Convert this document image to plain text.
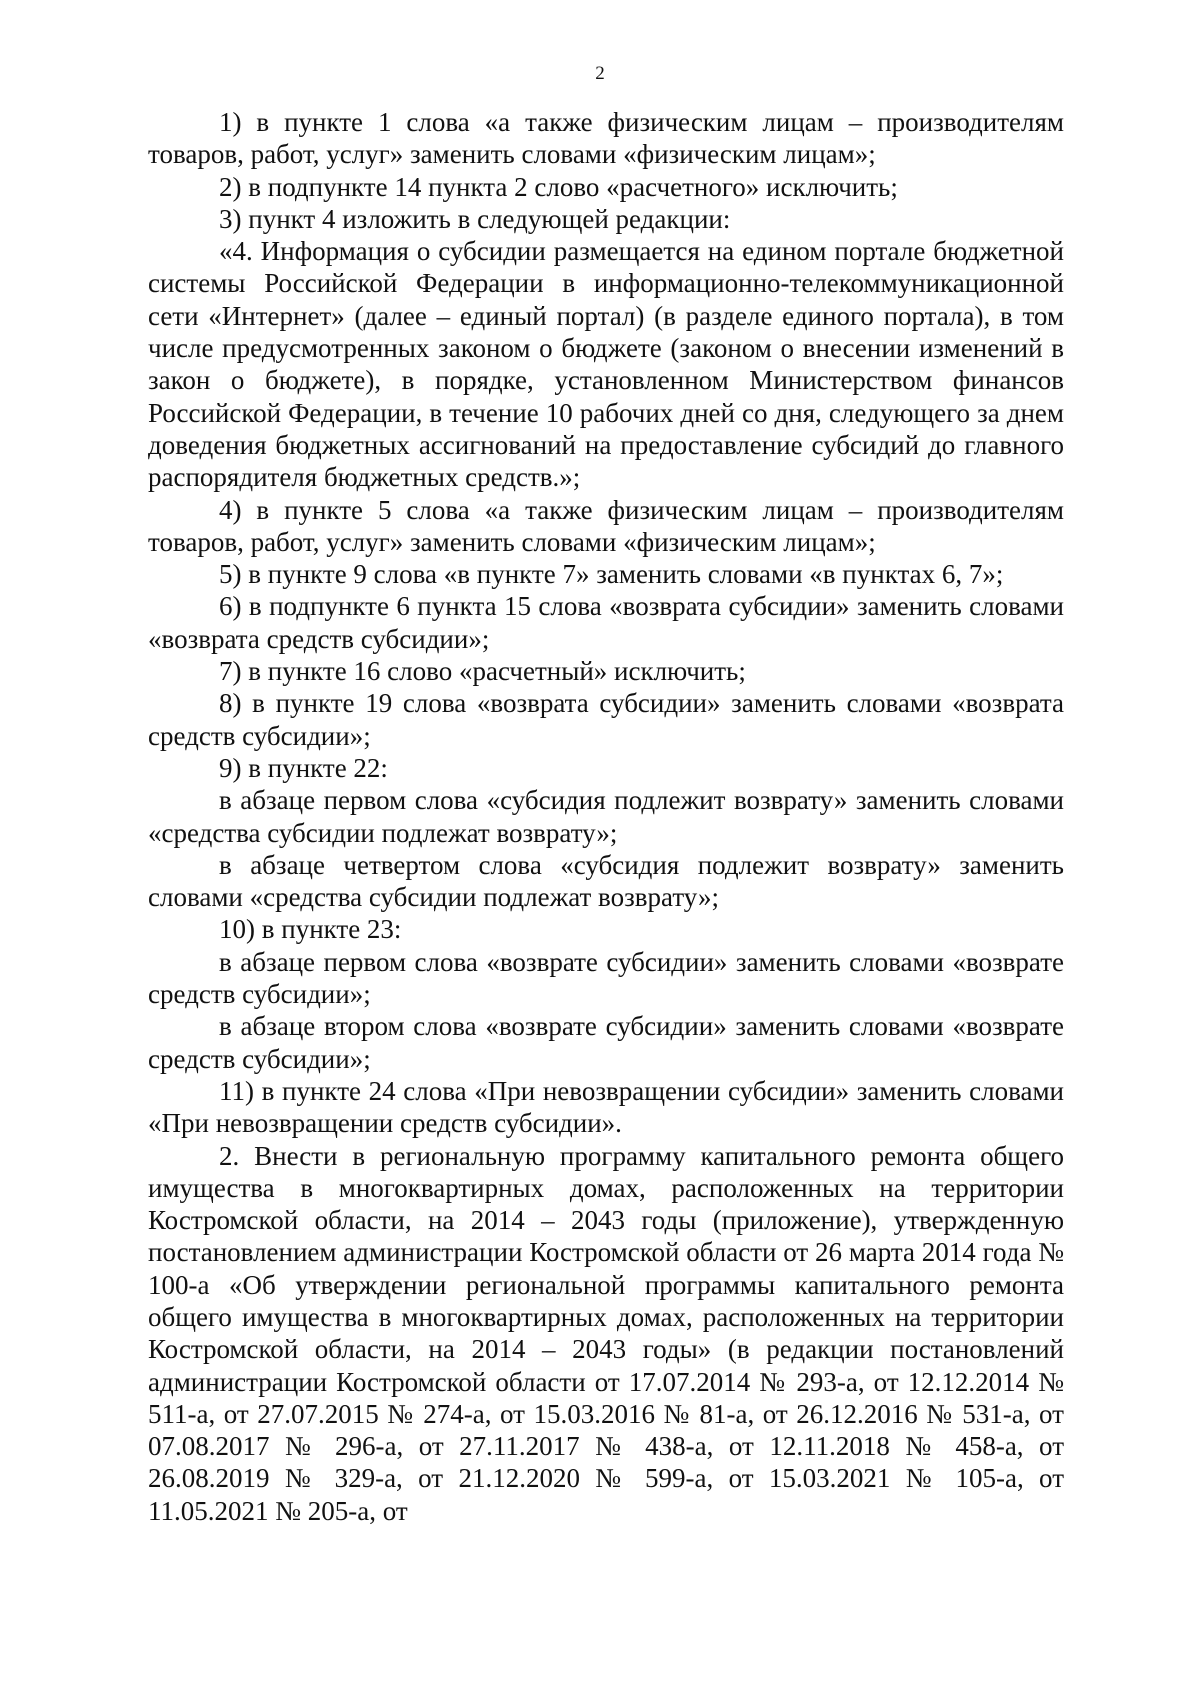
2

1) в пункте 1 слова «а также физическим лицам – производителям товаров, работ, услуг» заменить словами «физическим лицам»;

2) в подпункте 14 пункта 2 слово «расчетного» исключить;

3) пункт 4 изложить в следующей редакции:

«4. Информация о субсидии размещается на едином портале бюджетной системы Российской Федерации в информационно-телекоммуникационной сети «Интернет» (далее – единый портал) (в разделе единого портала), в том числе предусмотренных законом о бюджете (законом о внесении изменений в закон о бюджете), в порядке, установленном Министерством финансов Российской Федерации, в течение 10 рабочих дней со дня, следующего за днем доведения бюджетных ассигнований на предоставление субсидий до главного распорядителя бюджетных средств.»;

4) в пункте 5 слова «а также физическим лицам – производителям товаров, работ, услуг» заменить словами «физическим лицам»;

5) в пункте 9 слова «в пункте 7» заменить словами «в пунктах 6, 7»;

6) в подпункте 6 пункта 15 слова «возврата субсидии» заменить словами «возврата средств субсидии»;

7) в пункте 16 слово «расчетный» исключить;

8) в пункте 19 слова «возврата субсидии» заменить словами «возврата средств субсидии»;

9) в пункте 22:

в абзаце первом слова «субсидия подлежит возврату» заменить словами «средства субсидии подлежат возврату»;

в абзаце четвертом слова «субсидия подлежит возврату» заменить словами «средства субсидии подлежат возврату»;

10) в пункте 23:

в абзаце первом слова «возврате субсидии» заменить словами «возврате средств субсидии»;

в абзаце втором слова «возврате субсидии» заменить словами «возврате средств субсидии»;

11) в пункте 24 слова «При невозвращении субсидии» заменить словами «При невозвращении средств субсидии».

2. Внести в региональную программу капитального ремонта общего имущества в многоквартирных домах, расположенных на территории Костромской области, на 2014 – 2043 годы (приложение), утвержденную постановлением администрации Костромской области от 26 марта 2014 года № 100-а «Об утверждении региональной программы капитального ремонта общего имущества в многоквартирных домах, расположенных на территории Костромской области, на 2014 – 2043 годы» (в редакции постановлений администрации Костромской области от 17.07.2014 № 293-а, от 12.12.2014 № 511-а, от 27.07.2015 № 274-а, от 15.03.2016 № 81-а, от 26.12.2016 № 531-а, от 07.08.2017 № 296-а, от 27.11.2017 № 438-а, от 12.11.2018 № 458-а, от 26.08.2019 № 329-а, от 21.12.2020 № 599-а, от 15.03.2021 № 105-а, от 11.05.2021 № 205-а, от
